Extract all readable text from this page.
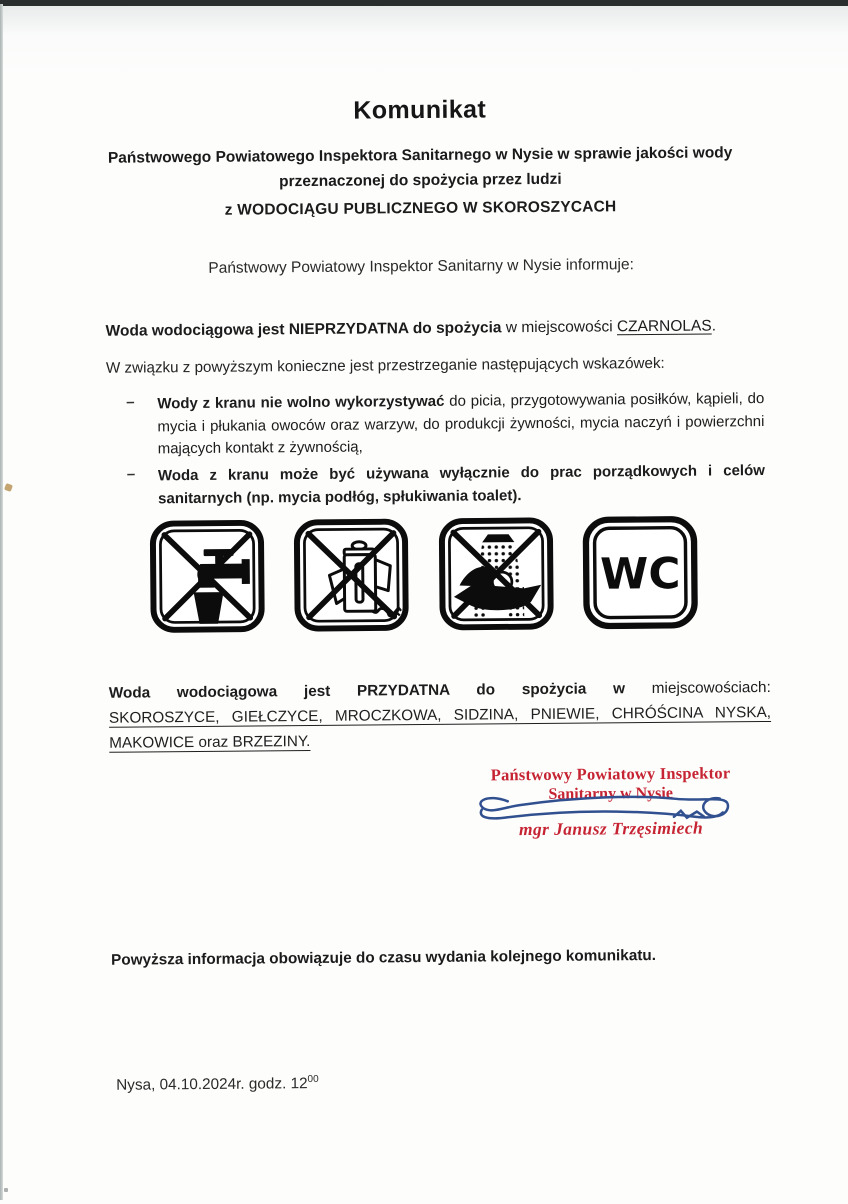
Komunikat
Państwowego Powiatowego Inspektora Sanitarnego w Nysie w sprawie jakości wody przeznaczonej do spożycia przez ludzi
z WODOCIĄGU PUBLICZNEGO W SKOROSZYCACH
Państwowy Powiatowy Inspektor Sanitarny w Nysie informuje:
Woda wodociągowa jest NIEPRZYDATNA do spożycia w miejscowości CZARNOLAS.
W związku z powyższym konieczne jest przestrzeganie następujących wskazówek:
–	Wody z kranu nie wolno wykorzystywać do picia, przygotowywania posiłków, kąpieli, do mycia i płukania owoców oraz warzyw, do produkcji żywności, mycia naczyń i powierzchni mających kontakt z żywnością,
–	Woda z kranu może być używana wyłącznie do prac porządkowych i celów sanitarnych (np. mycia podłóg, spłukiwania toalet).
WC
Woda wodociągowa jest PRZYDATNA do spożycia w miejscowościach:
SKOROSZYCE, GIEŁCZYCE, MROCZKOWA, SIDZINA, PNIEWIE, CHRÓŚCINA NYSKA, MAKOWICE oraz BRZEZINY.
Państwowy Powiatowy Inspektor
Sanitarny w Nysie
mgr Janusz Trzęsimiech
Powyższa informacja obowiązuje do czasu wydania kolejnego komunikatu.
Nysa, 04.10.2024r. godz. $12^{00}$
